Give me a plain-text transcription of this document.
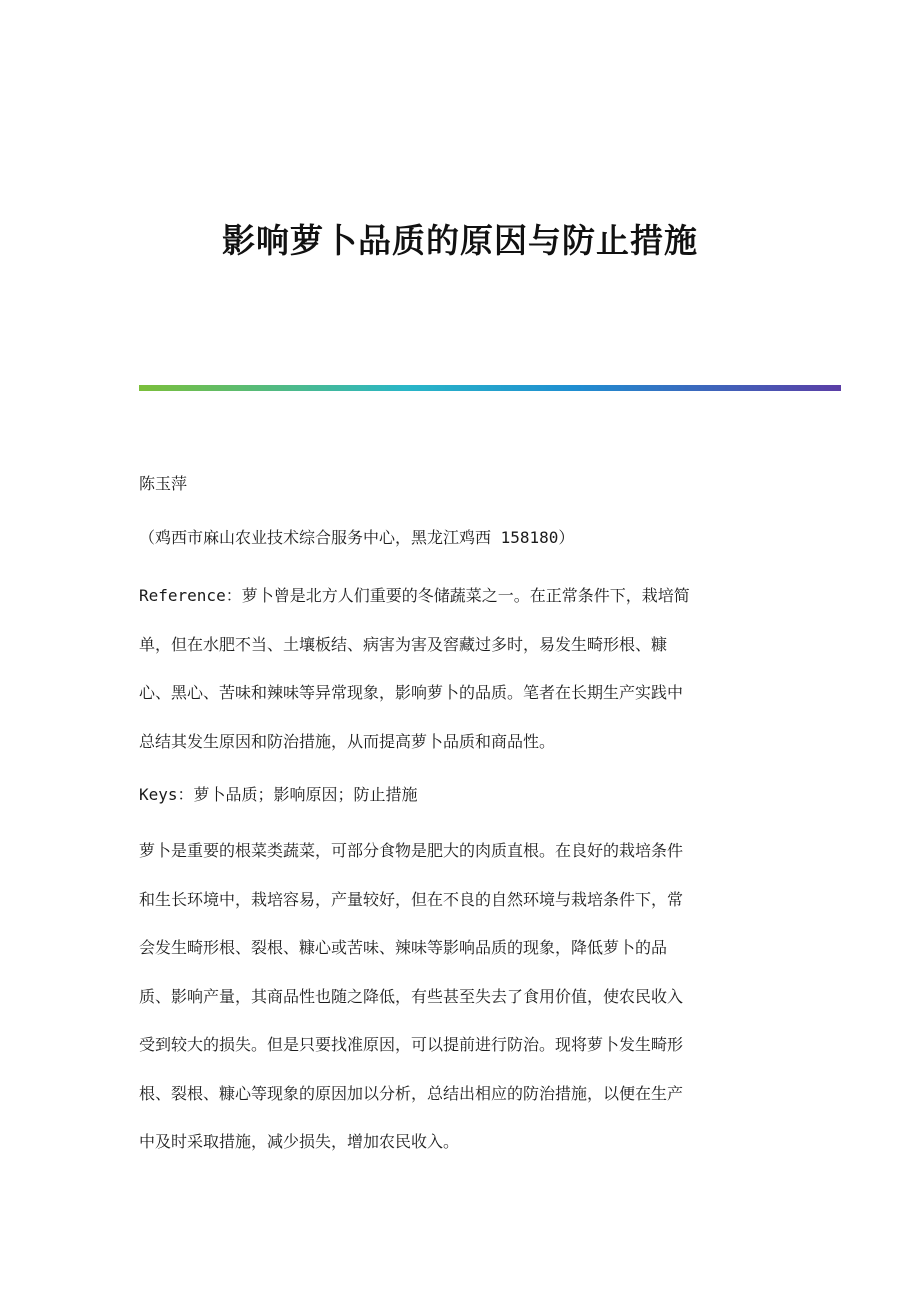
影响萝卜品质的原因与防止措施

陈玉萍

（鸡西市麻山农业技术综合服务中心，黑龙江鸡西 158180）

Reference：萝卜曾是北方人们重要的冬储蔬菜之一。在正常条件下，栽培简
单，但在水肥不当、土壤板结、病害为害及窖藏过多时，易发生畸形根、糠
心、黑心、苦味和辣味等异常现象，影响萝卜的品质。笔者在长期生产实践中
总结其发生原因和防治措施，从而提高萝卜品质和商品性。

Keys：萝卜品质；影响原因；防止措施

萝卜是重要的根菜类蔬菜，可部分食物是肥大的肉质直根。在良好的栽培条件
和生长环境中，栽培容易，产量较好，但在不良的自然环境与栽培条件下，常
会发生畸形根、裂根、糠心或苦味、辣味等影响品质的现象，降低萝卜的品
质、影响产量，其商品性也随之降低，有些甚至失去了食用价值，使农民收入
受到较大的损失。但是只要找准原因，可以提前进行防治。现将萝卜发生畸形
根、裂根、糠心等现象的原因加以分析，总结出相应的防治措施，以便在生产
中及时采取措施，减少损失，增加农民收入。
